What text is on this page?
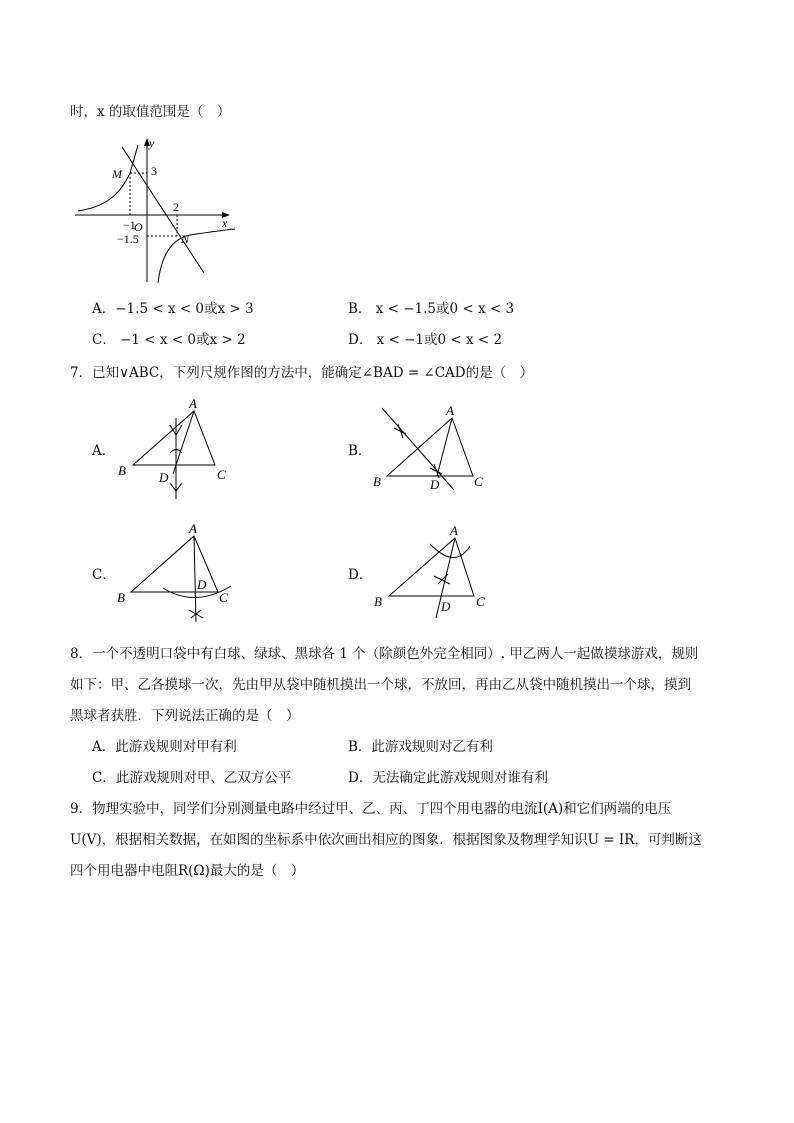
时，x 的取值范围是（　）
y
x
O
M
N
3
2
−1
−1.5
A．−1.5 < x < 0或x > 3	B． x < −1.5或0 < x < 3
C． −1 < x < 0或x > 2	D． x < −1或0 < x < 2
7．已知∨ABC，下列尺规作图的方法中，能确定∠BAD = ∠CAD的是（　）
A．
A
B	C
D
B．
A
B	C
D
C．
A
B	C
D
D．
A
B	C
D
8．一个不透明口袋中有白球、绿球、黑球各 1 个（除颜色外完全相同）. 甲乙两人一起做摸球游戏，规则
如下：甲、乙各摸球一次，先由甲从袋中随机摸出一个球，不放回，再由乙从袋中随机摸出一个球，摸到
黑球者获胜．下列说法正确的是（　）
A．此游戏规则对甲有利	B．此游戏规则对乙有利
C．此游戏规则对甲、乙双方公平	D．无法确定此游戏规则对谁有利
9．物理实验中，同学们分别测量电路中经过甲、乙、丙、丁四个用电器的电流I(A)和它们两端的电压
U(V)，根据相关数据，在如图的坐标系中依次画出相应的图象．根据图象及物理学知识U = IR，可判断这
四个用电器中电阻R(Ω)最大的是（　）
